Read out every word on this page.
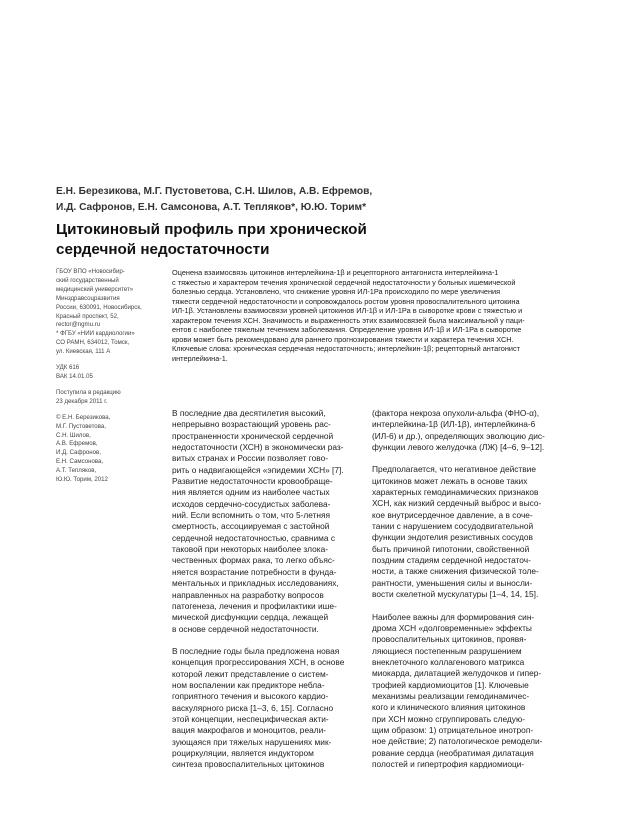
Е.Н. Березикова, М.Г. Пустоветова, С.Н. Шилов, А.В. Ефремов,
И.Д. Сафронов, Е.Н. Самсонова, А.Т. Тепляков*, Ю.Ю. Торим*
Цитокиновый профиль при хронической
сердечной недостаточности
ГБОУ ВПО «Новосибир-
ский государственный
медицинский университет»
Минздравсоцразвития
России, 630091, Новосибирск,
Красный проспект, 52,
rector@ngmu.ru
* ФГБУ «НИИ кардиологии»
СО РАМН, 634012, Томск,
ул. Киевская, 111 А
УДК 616
ВАК 14.01.05
Поступила в редакцию
23 декабря 2011 г.
© Е.Н. Березикова,
М.Г. Пустоветова,
С.Н. Шилов,
А.В. Ефремов,
И.Д. Сафронов,
Е.Н. Самсонова,
А.Т. Тепляков,
Ю.Ю. Торим, 2012
Оценена взаимосвязь цитокинов интерлейкина-1β и рецепторного антагониста интерлейкина-1
с тяжестью и характером течения хронической сердечной недостаточности у больных ишемической
болезнью сердца. Установлено, что снижение уровня ИЛ-1Ра происходило по мере увеличения
тяжести сердечной недостаточности и сопровождалось ростом уровня провоспалительного цитокина
ИЛ-1β. Установлены взаимосвязи уровней цитокинов ИЛ-1β и ИЛ-1Ра в сыворотке крови с тяжестью и
характером течения ХСН. Значимость и выраженность этих взаимосвязей была максимальной у паци-
ентов с наиболее тяжелым течением заболевания. Определение уровня ИЛ-1β и ИЛ-1Ра в сыворотке
крови может быть рекомендовано для раннего прогнозирования тяжести и характера течения ХСН.
Ключевые слова: хроническая сердечная недостаточность; интерлейкин-1β; рецепторный антагонист
интерлейкина-1.
В последние два десятилетия высокий,
непрерывно возрастающий уровень рас-
пространенности хронической сердечной
недостаточности (ХСН) в экономически раз-
витых странах и России позволяет гово-
рить о надвигающейся «эпидемии ХСН» [7].
Развитие недостаточности кровообраще-
ния является одним из наиболее частых
исходов сердечно-сосудистых заболева-
ний. Если вспомнить о том, что 5-летняя
смертность, ассоциируемая с застойной
сердечной недостаточностью, сравнима с
таковой при некоторых наиболее злока-
чественных формах рака, то легко объяс-
няется возрастание потребности в фунда-
ментальных и прикладных исследованиях,
направленных на разработку вопросов
патогенеза, лечения и профилактики ише-
мической дисфункции сердца, лежащей
в основе сердечной недостаточности.
В последние годы была предложена новая
концепция прогрессирования ХСН, в основе
которой лежит представление о систем-
ном воспалении как предикторе небла-
гоприятного течения и высокого кардио-
васкулярного риска [1–3, 6, 15]. Согласно
этой концепции, неспецифическая акти-
вация макрофагов и моноцитов, реали-
зующаяся при тяжелых нарушениях мик-
роциркуляции, является индуктором
синтеза провоспалительных цитокинов
(фактора некроза опухоли-альфа (ФНО-α),
интерлейкина-1β (ИЛ-1β), интерлейкина-6
(ИЛ-6) и др.), определяющих эволюцию дис-
функции левого желудочка (ЛЖ) [4–6, 9–12].
Предполагается, что негативное действие
цитокинов может лежать в основе таких
характерных гемодинамических признаков
ХСН, как низкий сердечный выброс и высо-
кое внутрисердечное давление, а в соче-
тании с нарушением сосудодвигательной
функции эндотелия резистивных сосудов
быть причиной гипотонии, свойственной
поздним стадиям сердечной недостаточ-
ности, а также снижения физической толе-
рантности, уменьшения силы и выносли-
вости скелетной мускулатуры [1–4, 14, 15].
Наиболее важны для формирования син-
дрома ХСН «долговременные» эффекты
провоспалительных цитокинов, проявя-
ляющиеся постепенным разрушением
внеклеточного коллагенового матрикса
миокарда, дилатацией желудочков и гипер-
трофией кардиомиоцитов [1]. Ключевые
механизмы реализации гемодинамичес-
кого и клинического влияния цитокинов
при ХСН можно сгруппировать следую-
щим образом: 1) отрицательное инотроп-
ное действие; 2) патологическое ремодели-
рование сердца (необратимая дилатация
полостей и гипертрофия кардиомиоци-
